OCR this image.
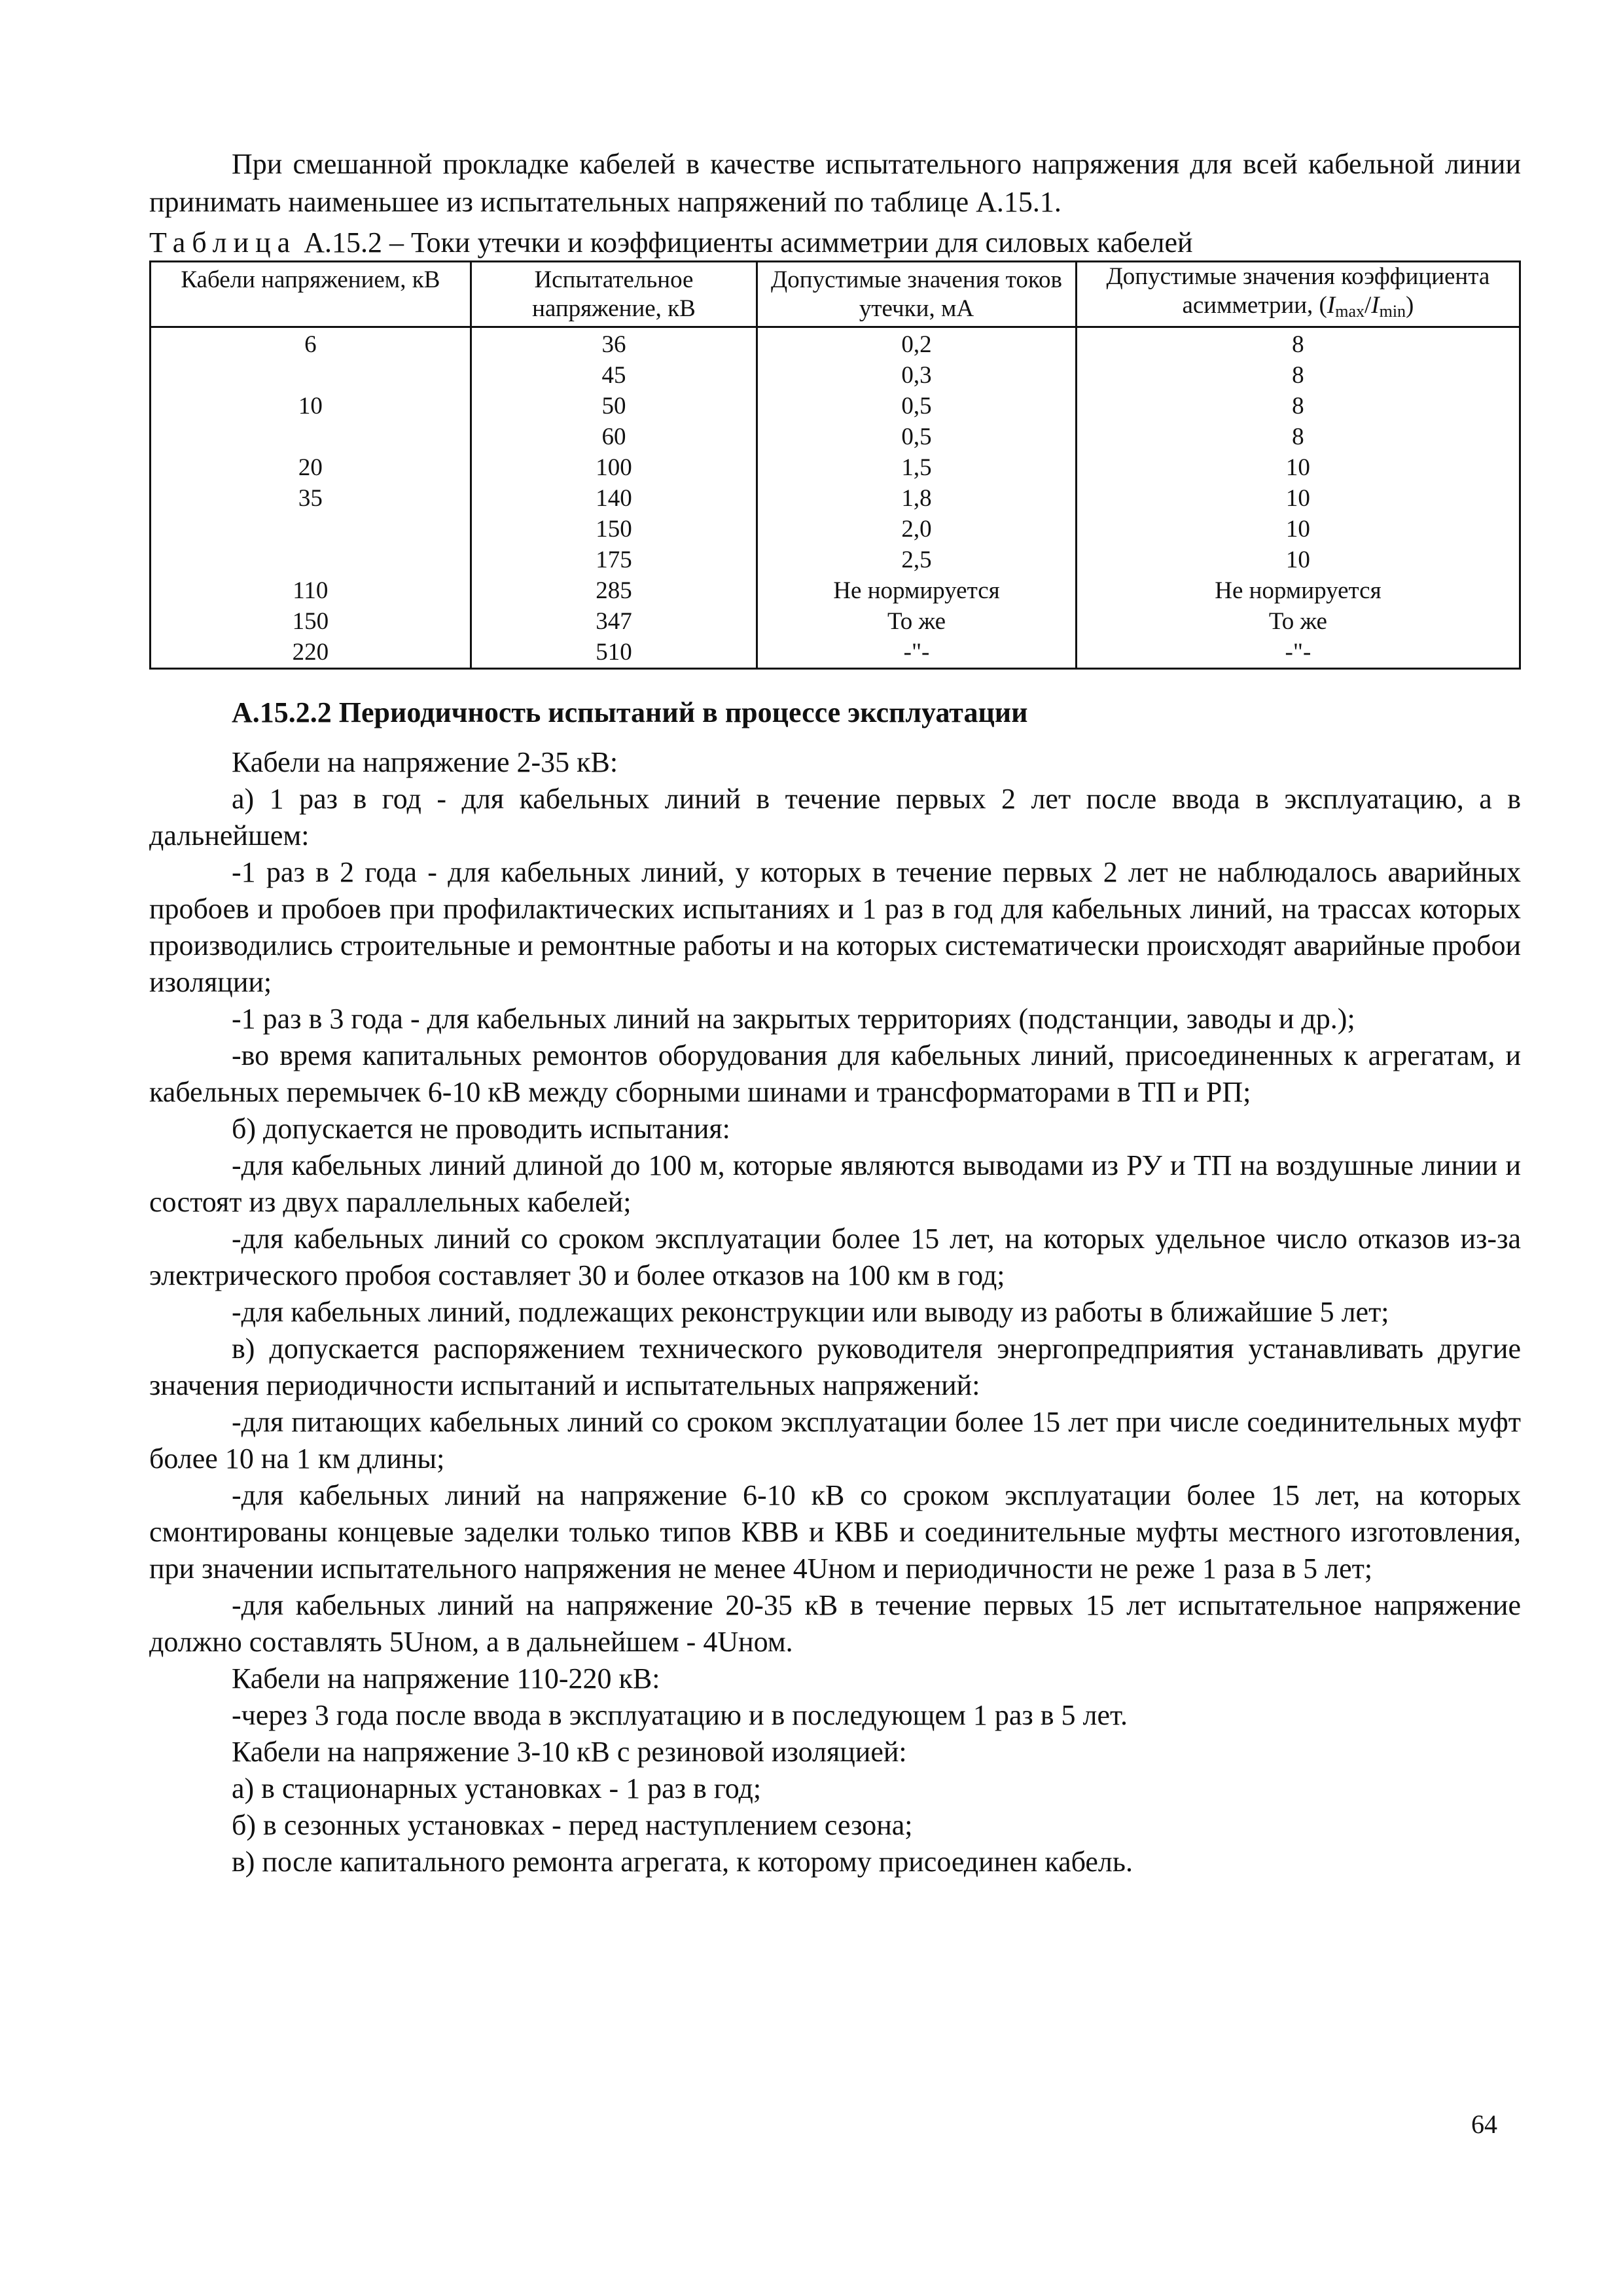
При смешанной прокладке кабелей в качестве испытательного напряжения для всей кабельной линии принимать наименьшее из испытательных напряжений по таблице А.15.1.

Таблица А.15.2 – Токи утечки и коэффициенты асимметрии для силовых кабелей
Кабели напряжением, кВ	Испытательное напряжение, кВ	Допустимые значения токов утечки, мА	Допустимые значения коэффициента асимметрии, $(I_{max}/I_{min})$
6	36	0,2	8
	45	0,3	8
10	50	0,5	8
	60	0,5	8
20	100	1,5	10
35	140	1,8	10
	150	2,0	10
	175	2,5	10
110	285	Не нормируется	Не нормируется
150	347	То же	То же
220	510	-"-	-"-
А.15.2.2 Периодичность испытаний в процессе эксплуатации

Кабели на напряжение 2-35 кВ:

а) 1 раз в год - для кабельных линий в течение первых 2 лет после ввода в эксплуатацию, а в дальнейшем:

-1 раз в 2 года - для кабельных линий, у которых в течение первых 2 лет не наблюдалось аварийных пробоев и пробоев при профилактических испытаниях и 1 раз в год для кабельных линий, на трассах которых производились строительные и ремонтные работы и на которых систематически происходят аварийные пробои изоляции;

-1 раз в 3 года - для кабельных линий на закрытых территориях (подстанции, заводы и др.);

-во время капитальных ремонтов оборудования для кабельных линий, присоединенных к агрегатам, и кабельных перемычек 6-10 кВ между сборными шинами и трансформаторами в ТП и РП;

б) допускается не проводить испытания:

-для кабельных линий длиной до 100 м, которые являются выводами из РУ и ТП на воздушные линии и состоят из двух параллельных кабелей;

-для кабельных линий со сроком эксплуатации более 15 лет, на которых удельное число отказов из-за электрического пробоя составляет 30 и более отказов на 100 км в год;

-для кабельных линий, подлежащих реконструкции или выводу из работы в ближайшие 5 лет;

в) допускается распоряжением технического руководителя энергопредприятия устанавливать другие значения периодичности испытаний и испытательных напряжений:

-для питающих кабельных линий со сроком эксплуатации более 15 лет при числе соединительных муфт более 10 на 1 км длины;

-для кабельных линий на напряжение 6-10 кВ со сроком эксплуатации более 15 лет, на которых смонтированы концевые заделки только типов КВВ и КВБ и соединительные муфты местного изготовления, при значении испытательного напряжения не менее 4Uном и периодичности не реже 1 раза в 5 лет;

-для кабельных линий на напряжение 20-35 кВ в течение первых 15 лет испытательное напряжение должно составлять 5Uном, а в дальнейшем - 4Uном.

Кабели на напряжение 110-220 кВ:

-через 3 года после ввода в эксплуатацию и в последующем 1 раз в 5 лет.

Кабели на напряжение 3-10 кВ с резиновой изоляцией:

а) в стационарных установках - 1 раз в год;

б) в сезонных установках - перед наступлением сезона;

в) после капитального ремонта агрегата, к которому присоединен кабель.

64
